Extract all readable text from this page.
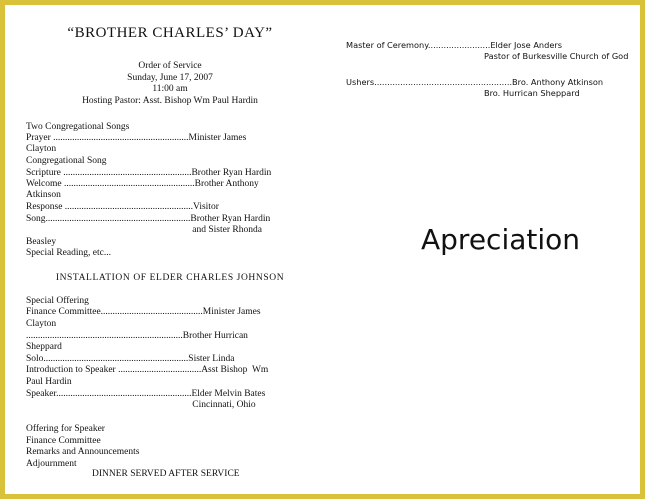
“BROTHER CHARLES’ DAY”
Order of Service
Sunday, June 17, 2007
11:00 am
Hosting Pastor: Asst. Bishop Wm Paul Hardin
Two Congregational Songs
Prayer .........................................................Minister James
Clayton
Congregational Song
Scripture ......................................................Brother Ryan Hardin
Welcome .......................................................Brother Anthony
Atkinson
Response ......................................................Visitor
Song.............................................................Brother Ryan Hardin
and Sister Rhonda
Beasley
Special Reading, etc...
INSTALLATION OF ELDER CHARLES JOHNSON
Special Offering
Finance Committee...........................................Minister James
Clayton
..................................................................Brother Hurrican
Sheppard
Solo.............................................................Sister Linda
Introduction to Speaker ...................................Asst Bishop  Wm
Paul Hardin
Speaker.........................................................Elder Melvin Bates
Cincinnati, Ohio
Offering for Speaker
Finance Committee
Remarks and Announcements
Adjournment
DINNER SERVED AFTER SERVICE
Master of Ceremony........................Elder Jose Anders
Pastor of Burkesville Church of God
Ushers.....................................................Bro. Anthony Atkinson
Bro. Hurrican Sheppard
Apreciation
